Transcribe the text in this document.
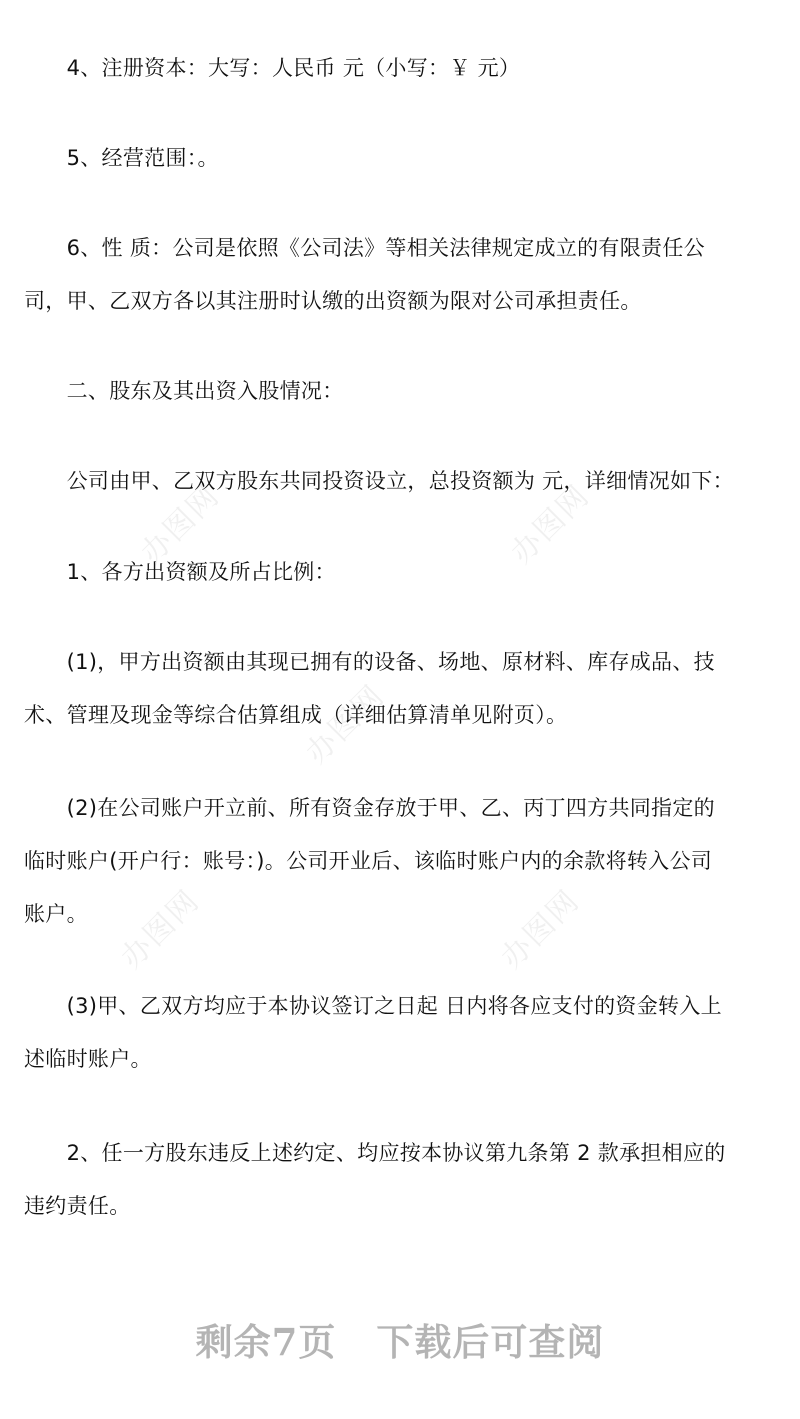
办图网	办图网
办图网
办图网	办图网
　　4、注册资本：大写：人民币 元（小写：￥ 元）
　　5、经营范围：。
　　6、性 质：公司是依照《公司法》等相关法律规定成立的有限责任公
司，甲、乙双方各以其注册时认缴的出资额为限对公司承担责任。
　　二、股东及其出资入股情况：
　　公司由甲、乙双方股东共同投资设立，总投资额为 元，详细情况如下：
　　1、各方出资额及所占比例：
　　(1)，甲方出资额由其现已拥有的设备、场地、原材料、库存成品、技
术、管理及现金等综合估算组成（详细估算清单见附页）。
　　(2)在公司账户开立前、所有资金存放于甲、乙、丙丁四方共同指定的
临时账户(开户行：账号：)。公司开业后、该临时账户内的余款将转入公司
账户。
　　(3)甲、乙双方均应于本协议签订之日起 日内将各应支付的资金转入上
述临时账户。
　　2、任一方股东违反上述约定、均应按本协议第九条第 2 款承担相应的
违约责任。
剩余7页 下载后可查阅
